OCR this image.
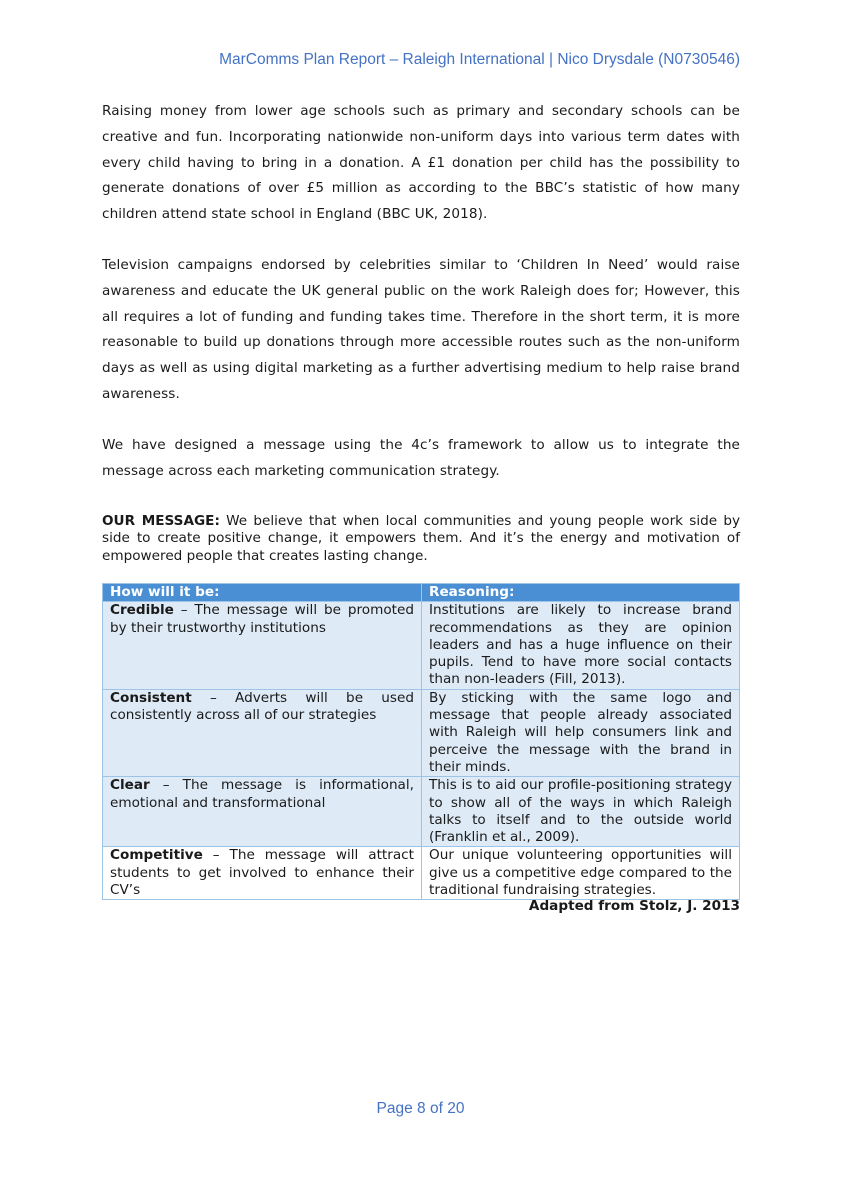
MarComms Plan Report – Raleigh International | Nico Drysdale (N0730546)

Raising money from lower age schools such as primary and secondary schools can be creative and fun. Incorporating nationwide non-uniform days into various term dates with every child having to bring in a donation. A £1 donation per child has the possibility to generate donations of over £5 million as according to the BBC’s statistic of how many children attend state school in England (BBC UK, 2018).

Television campaigns endorsed by celebrities similar to ‘Children In Need’ would raise awareness and educate the UK general public on the work Raleigh does for; However, this all requires a lot of funding and funding takes time. Therefore in the short term, it is more reasonable to build up donations through more accessible routes such as the non-uniform days as well as using digital marketing as a further advertising medium to help raise brand awareness.

We have designed a message using the 4c’s framework to allow us to integrate the message across each marketing communication strategy.

OUR MESSAGE: We believe that when local communities and young people work side by side to create positive change, it empowers them. And it’s the energy and motivation of empowered people that creates lasting change.

How will it be:	Reasoning:
Credible – The message will be promoted by their trustworthy institutions	Institutions are likely to increase brand recommendations as they are opinion leaders and has a huge influence on their pupils. Tend to have more social contacts than non-leaders (Fill, 2013).
Consistent – Adverts will be used consistently across all of our strategies	By sticking with the same logo and message that people already associated with Raleigh will help consumers link and perceive the message with the brand in their minds.
Clear – The message is informational, emotional and transformational	This is to aid our profile-positioning strategy to show all of the ways in which Raleigh talks to itself and to the outside world (Franklin et al., 2009).
Competitive – The message will attract students to get involved to enhance their CV’s	Our unique volunteering opportunities will give us a competitive edge compared to the traditional fundraising strategies.
Adapted from Stolz, J. 2013
Page 8 of 20
